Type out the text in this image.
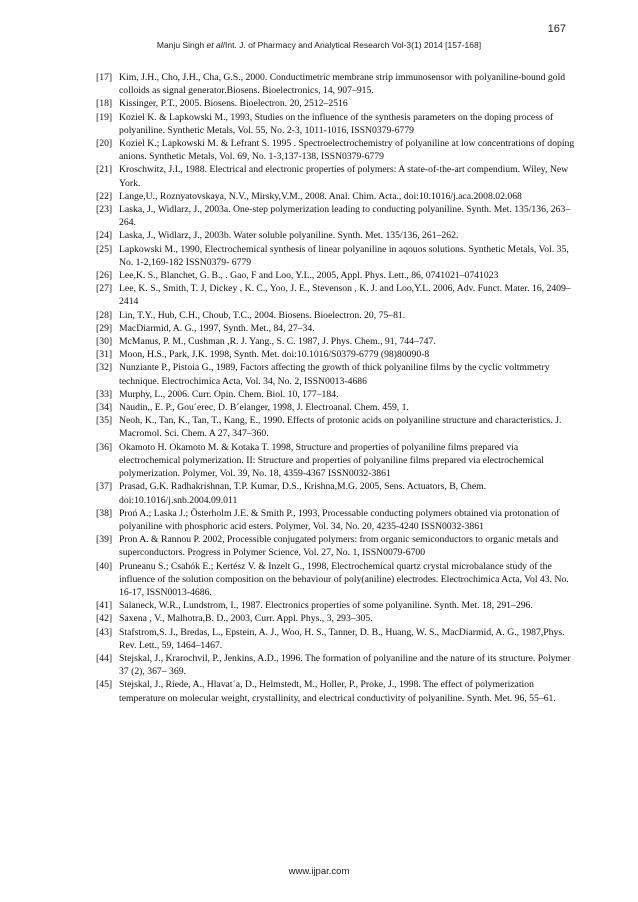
167
Manju Singh et al/Int. J. of Pharmacy and Analytical Research Vol-3(1) 2014 [157-168]
[17] Kim, J.H., Cho, J.H., Cha, G.S., 2000. Conductimetric membrane strip immunosensor with polyaniline-bound gold colloids as signal generator.Biosens. Bioelectronics, 14, 907–915.
[18] Kissinger, P.T., 2005. Biosens. Bioelectron. 20, 2512–2516
[19] Koziel K. & Lapkowski M., 1993, Studies on the influence of the synthesis parameters on the doping process of polyaniline. Synthetic Metals, Vol. 55, No. 2-3, 1011-1016, ISSN0379-6779
[20] Koziel K.; Lapkowski M. & Lefrant S. 1995 . Spectroelectrochemistry of polyaniline at low concentrations of doping anions. Synthetic Metals, Vol. 69, No. 1-3,137-138, ISSN0379-6779
[21] Kroschwitz, J.I., 1988. Electrical and electronic properties of polymers: A state-of-the-art compendium. Wiley, New York.
[22] Lange,U., Roznyatovskaya, N.V., Mirsky,V.M., 2008. Anal. Chim. Acta., doi:10.1016/j.aca.2008.02.068
[23] Laska, J., Widlarz, J., 2003a. One-step polymerization leading to conducting polyaniline. Synth. Met. 135/136, 263–264.
[24] Laska, J., Widlarz, J., 2003b. Water soluble polyaniline. Synth. Met. 135/136, 261–262.
[25] Lapkowski M., 1990, Electrochemical synthesis of linear polyaniline in aqouos solutions. Synthetic Metals, Vol. 35, No. 1-2,169-182 ISSN0379- 6779
[26] Lee,K. S., Blanchet, G. B., . Gao, F and Loo, Y.L., 2005, Appl. Phys. Lett., 86, 0741021–0741023
[27] Lee, K. S., Smith, T. J, Dickey , K. C., Yoo, J. E., Stevenson , K. J. and Loo,Y.L. 2006, Adv. Funct. Mater. 16, 2409–2414
[28] Lin, T.Y., Hub, C.H., Choub, T.C., 2004. Biosens. Bioelectron. 20, 75–81.
[29] MacDiarmid, A. G., 1997, Synth. Met., 84, 27–34.
[30] McManus, P. M., Cushman ,R. J. Yang., S. C. 1987, J. Phys. Chem., 91, 744–747.
[31] Moon, H.S., Park, J.K. 1998, Synth. Met. doi:10.1016/S0379-6779 (98)80090-8
[32] Nunziante P., Pistoia G., 1989, Factors affecting the growth of thick polyaniline films by the cyclic voltmmetry technique. Electrochimica Acta, Vol. 34, No. 2, ISSN0013-4686
[33] Murphy, L., 2006. Curr. Opin. Chem. Biol. 10, 177–184.
[34] Naudin,, E. P., Gou´erec, D. B´elanger, 1998, J. Electroanal. Chem. 459, 1.
[35] Neoh, K., Tan, K., Tan, T., Kang, E., 1990. Effects of protonic acids on polyaniline structure and characteristics. J. Macromol. Sci. Chem. A 27, 347–360.
[36] Okamoto H. Okamoto M. & Kotaka T. 1998, Structure and properties of polyaniline films prepared via electrochemical polymerization. II: Structure and properties of polyaniline films prepared via electrochemical polymerization. Polymer, Vol. 39, No. 18, 4359-4367 ISSN0032-3861
[37] Prasad, G.K. Radhakrishnan, T.P. Kumar, D.S., Krishna,M.G. 2005, Sens. Actuators, B, Chem. doi:10.1016/j.snb.2004.09.011
[38] Proń A.; Laska J.; Österholm J.E. & Smith P., 1993, Processable conducting polymers obtained via protonation of polyaniline with phosphoric acid esters. Polymer, Vol. 34, No. 20, 4235-4240 ISSN0032-3861
[39] Pron A. & Rannou P. 2002, Processible conjugated polymers: from organic semiconductors to organic metals and superconductors. Progress in Polymer Science, Vol. 27, No. 1, ISSN0079-6700
[40] Pruneanu S.; Csahók E.; Kertész V. & Inzelt G., 1998, Electrochemical quartz crystal microbalance study of the influence of the solution composition on the behaviour of poly(aniline) electrodes. Electrochimica Acta, Vol 43. No. 16-17, ISSN0013-4686.
[41] Salaneck, W.R., Lundstrom, I., 1987. Electronics properties of some polyaniline. Synth. Met. 18, 291–296.
[42] Saxena , V., Malhotra,B. D., 2003, Curr. Appl. Phys., 3, 293–305.
[43] Stafstrom,S. J., Bredas, L., Epstein, A. J., Woo, H. S., Tanner, D. B., Huang, W. S., MacDiarmid, A. G., 1987,Phys. Rev. Lett., 59, 1464–1467.
[44] Stejskal, J., Krarochvil, P., Jenkins, A.D., 1996. The formation of polyaniline and the nature of its structure. Polymer 37 (2), 367– 369.
[45] Stejskal, J., Riede, A., Hlavat´a, D., Helmstedt, M., Holler, P., Proke, J., 1998. The effect of polymerization temperature on molecular weight, crystallinity, and electrical conductivity of polyaniline. Synth. Met. 96, 55–61.
www.ijpar.com
